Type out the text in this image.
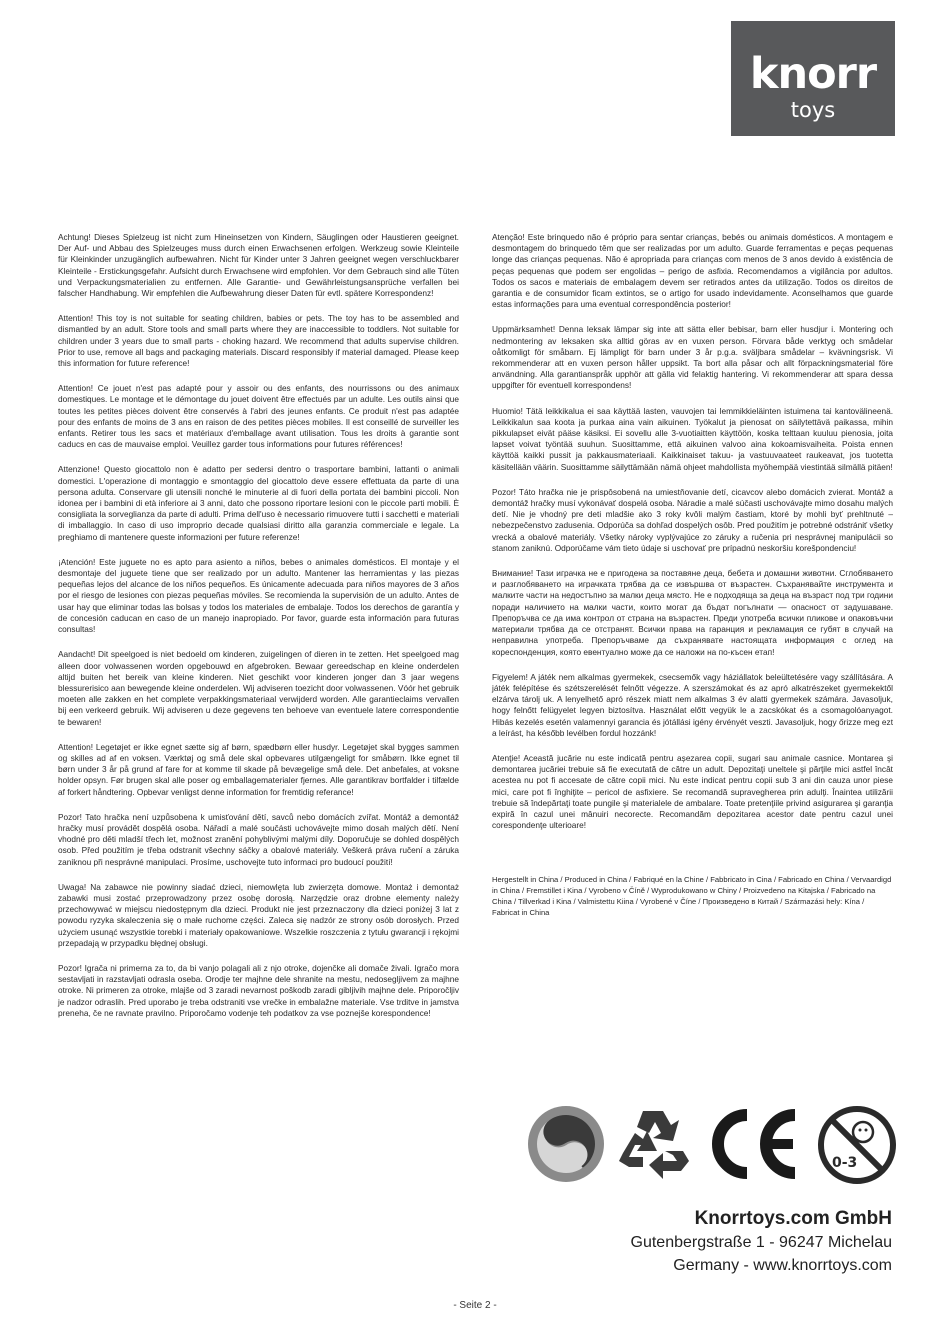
knorr
toys

Achtung! Dieses Spielzeug ist nicht zum Hineinsetzen von Kindern, Säuglingen oder Haustieren geeignet. Der Auf- und Abbau des Spielzeuges muss durch einen Erwachsenen erfolgen. Werkzeug sowie Kleinteile für Kleinkinder unzugänglich aufbewahren. Nicht für Kinder unter 3 Jahren geeignet wegen verschluckbarer Kleinteile - Erstickungsgefahr. Aufsicht durch Erwachsene wird empfohlen. Vor dem Gebrauch sind alle Tüten und Verpackungsmaterialien zu entfernen. Alle Garantie- und Gewährleistungsansprüche verfallen bei falscher Handhabung. Wir empfehlen die Aufbewahrung dieser Daten für evtl. spätere Korrespondenz!

Attention! This toy is not suitable for seating children, babies or pets. The toy has to be assembled and dismantled by an adult. Store tools and small parts where they are inaccessible to toddlers. Not suitable for children under 3 years due to small parts - choking hazard. We recommend that adults supervise children. Prior to use, remove all bags and packaging materials. Discard responsibly if material damaged. Please keep this information for future reference!

Attention! Ce jouet n'est pas adapté pour y assoir ou des enfants, des nourrissons ou des animaux domestiques. Le montage et le démontage du jouet doivent être effectués par un adulte. Les outils ainsi que toutes les petites pièces doivent être conservés à l'abri des jeunes enfants. Ce produit n'est pas adaptée pour des enfants de moins de 3 ans en raison de des petites pièces mobiles. Il est conseillé de surveiller les enfants. Retirer tous les sacs et matériaux d'emballage avant utilisation. Tous les droits à garantie sont caducs en cas de mauvaise emploi. Veuillez garder tous informations pour futures références!

Attenzione! Questo giocattolo non è adatto per sedersi dentro o trasportare bambini, lattanti o animali domestici. L'operazione di montaggio e smontaggio del giocattolo deve essere effettuata da parte di una persona adulta. Conservare gli utensili nonché le minuterie al di fuori della portata dei bambini piccoli. Non idonea per i bambini di età inferiore ai 3 anni, dato che possono riportare lesioni con le piccole parti mobili. È consigliata la sorveglianza da parte di adulti. Prima dell'uso è necessario rimuovere tutti i sacchetti e materiali di imballaggio. In caso di uso improprio decade qualsiasi diritto alla garanzia commerciale e legale. La preghiamo di mantenere queste informazioni per future referenze!

¡Atención! Este juguete no es apto para asiento a niños, bebes o animales domésticos. El montaje y el desmontaje del juguete tiene que ser realizado por un adulto. Mantener las herramientas y las piezas pequeñas lejos del alcance de los niños pequeños. Es únicamente adecuada para niños mayores de 3 años por el riesgo de lesiones con piezas pequeñas móviles. Se recomienda la supervisión de un adulto. Antes de usar hay que eliminar todas las bolsas y todos los materiales de embalaje. Todos los derechos de garantía y de concesión caducan en caso de un manejo inapropiado. Por favor, guarde esta información para futuras consultas!

Aandacht! Dit speelgoed is niet bedoeld om kinderen, zuigelingen of dieren in te zetten. Het speelgoed mag alleen door volwassenen worden opgebouwd en afgebroken. Bewaar gereedschap en kleine onderdelen altijd buiten het bereik van kleine kinderen. Niet geschikt voor kinderen jonger dan 3 jaar wegens blessurerisico aan bewegende kleine onderdelen. Wij adviseren toezicht door volwassenen. Vóór het gebruik moeten alle zakken en het complete verpakkingsmateriaal verwijderd worden. Alle garantieclaims vervallen bij een verkeerd gebruik. Wij adviseren u deze gegevens ten behoeve van eventuele latere correspondentie te bewaren!

Attention! Legetøjet er ikke egnet sætte sig af børn, spædbørn eller husdyr. Legetøjet skal bygges sammen og skilles ad af en voksen. Værktøj og små dele skal opbevares utilgængeligt for småbørn. Ikke egnet til børn under 3 år på grund af fare for at komme til skade på bevægelige små dele. Det anbefales, at voksne holder opsyn. Før brugen skal alle poser og emballagematerialer fjernes. Alle garantikrav bortfalder i tilfælde af forkert håndtering. Opbevar venligst denne information for fremtidig referance!

Pozor! Tato hračka není uzpůsobena k umisťování dětí, savců nebo domácích zvířat. Montáž a demontáž hračky musí provádět dospělá osoba. Nářadí a malé součásti uchovávejte mimo dosah malých dětí. Není vhodné pro děti mladší třech let, možnost zranění pohyblivými malými díly. Doporučuje se dohled dospělých osob. Před použitím je třeba odstranit všechny sáčky a obalové materiály. Veškerá práva ručení a záruka zaniknou při nesprávné manipulaci. Prosíme, uschovejte tuto informaci pro budoucí použití!

Uwaga! Na zabawce nie powinny siadać dzieci, niemowlęta lub zwierzęta domowe. Montaż i demontaż zabawki musi zostać przeprowadzony przez osobę dorosłą. Narzędzie oraz drobne elementy należy przechowywać w miejscu niedostępnym dla dzieci. Produkt nie jest przeznaczony dla dzieci poniżej 3 lat z powodu ryzyka skaleczenia się o małe ruchome części. Zaleca się nadzór ze strony osób dorosłych. Przed użyciem usunąć wszystkie torebki i materiały opakowaniowe. Wszelkie roszczenia z tytułu gwarancji i rękojmi przepadają w przypadku błędnej obsługi.

Pozor! Igrača ni primerna za to, da bi vanjo polagali ali z njo otroke, dojenčke ali domače živali. Igračo mora sestavljati in razstavljati odrasla oseba. Orodje ter majhne dele shranite na mestu, nedosegljivem za majhne otroke. Ni primeren za otroke, mlajše od 3 zaradi nevarnost poškodb zaradi gibljivih majhne dele. Priporočljiv je nadzor odraslih. Pred uporabo je treba odstraniti vse vrečke in embalažne materiale. Vse trditve in jamstva preneha, če ne ravnate pravilno. Priporočamo vodenje teh podatkov za vse poznejše korespondence!

Atenção! Este brinquedo não é próprio para sentar crianças, bebés ou animais domésticos. A montagem e desmontagem do brinquedo têm que ser realizadas por um adulto. Guarde ferramentas e peças pequenas longe das crianças pequenas. Não é apropriada para crianças com menos de 3 anos devido à existência de peças pequenas que podem ser engolidas – perigo de asfixia. Recomendamos a vigilância por adultos. Todos os sacos e materiais de embalagem devem ser retirados antes da utilização. Todos os direitos de garantia e de consumidor ficam extintos, se o artigo for usado indevidamente. Aconselhamos que guarde estas informações para uma eventual correspondência posterior!

Uppmärksamhet! Denna leksak lämpar sig inte att sätta eller bebisar, barn eller husdjur i. Montering och nedmontering av leksaken ska alltid göras av en vuxen person. Förvara både verktyg och smådelar oåtkomligt för småbarn. Ej lämpligt för barn under 3 år p.g.a. sväljbara smådelar – kvävningsrisk. Vi rekommenderar att en vuxen person håller uppsikt. Ta bort alla påsar och allt förpackningsmaterial före användning. Alla garantianspråk upphör att gälla vid felaktig hantering. Vi rekommenderar att spara dessa uppgifter för eventuell korrespondens!

Huomio! Tätä leikkikalua ei saa käyttää lasten, vauvojen tai lemmikkieläinten istuimena tai kantovälineenä. Leikkikalun saa koota ja purkaa aina vain aikuinen. Työkalut ja pienosat on säilytettävä paikassa, mihin pikkulapset eivät pääse käsiksi. Ei sovellu alle 3-vuotiaitten käyttöön, koska telttaan kuuluu pienosia, joita lapset voivat työntää suuhun. Suosittamme, että aikuinen valvoo aina kokoamisvaiheita. Poista ennen käyttöä kaikki pussit ja pakkausmateriaali. Kaikkinaiset takuu- ja vastuuvaateet raukeavat, jos tuotetta käsitellään väärin. Suosittamme säilyttämään nämä ohjeet mahdollista myöhempää viestintää silmällä pitäen!

Pozor! Táto hračka nie je prispôsobená na umiestňovanie detí, cicavcov alebo domácich zvierat. Montáž a demontáž hračky musí vykonávať dospelá osoba. Náradie a malé súčasti uschovávajte mimo dosahu malých detí. Nie je vhodný pre deti mladšie ako 3 roky kvôli malým častiam, ktoré by mohli byť prehltnuté – nebezpečenstvo zadusenia. Odporúča sa dohľad dospelých osôb. Pred použitím je potrebné odstrániť všetky vrecká a obalové materiály. Všetky nároky vyplývajúce zo záruky a ručenia pri nesprávnej manipulácii so stanom zaniknú. Odporúčame vám tieto údaje si uschovať pre prípadnú neskoršiu korešpondenciu!

Внимание! Тази играчка не е пригодена за поставяне деца, бебета и домашни животни. Сглобяването и разглобяването на играчката трябва да се извършва от възрастен. Съхранявайте инструмента и малките части на недостъпно за малки деца място. Не е подходяща за деца на възраст под три години поради наличието на малки части, които могат да бъдат погълнати — опасност от задушаване. Препоръчва се да има контрол от страна на възрастен. Преди употреба всички пликове и опаковъчни материали трябва да се отстранят. Всички права на гаранция и рекламация се губят в случай на неправилна употреба. Препоръчваме да съхранявате настоящата информация с оглед на кореспонденция, която евентуално може да се наложи на по-късен етап!

Figyelem! A játék nem alkalmas gyermekek, csecsemők vagy háziállatok beleültetésére vagy szállítására. A játék felépítése és szétszerelését felnőtt végezze. A szerszámokat és az apró alkatrészeket gyermekektől elzárva tárolj uk. A lenyelhető apró részek miatt nem alkalmas 3 év alatti gyermekek számára. Javasoljuk, hogy felnőtt felügyelet legyen biztosítva. Használat előtt vegyük le a zacskókat és a csomagolóanyagot. Hibás kezelés esetén valamennyi garancia és jótállási igény érvényét veszti. Javasoljuk, hogy őrizze meg ezt a leírást, ha később levélben fordul hozzánk!

Atenţie! Această jucărie nu este indicată pentru așezarea copii, sugari sau animale casnice. Montarea şi demontarea jucăriei trebuie să fie executată de către un adult. Depozitaţi uneltele şi părţile mici astfel încât acestea nu pot fi accesate de către copii mici. Nu este indicat pentru copii sub 3 ani din cauza unor piese mici, care pot fi înghiţite – pericol de asfixiere. Se recomandă supravegherea prin adulţi. Înaintea utilizării trebuie să îndepărtaţi toate pungile şi materialele de ambalare. Toate pretenţiile privind asigurarea şi garanţia expiră în cazul unei mânuiri necorecte. Recomandăm depozitarea acestor date pentru cazul unei corespondenţe ulterioare!

Hergestellt in China / Produced in China / Fabriqué en la Chine / Fabbricato in Cina / Fabricado en China / Vervaardigd in China / Fremstillet i Kina / Vyrobeno v Číně / Wyprodukowano w Chiny / Proizvedeno na Kitajska / Fabricado na China / Tillverkad i Kina / Valmistettu Kiina / Vyrobené v Číne / Произведено в Китай / Származási hely: Kína / Fabricat in China

0-3
Knorrtoys.com GmbH
Gutenbergstraße 1 - 96247 Michelau
Germany - www.knorrtoys.com
- Seite 2 -
